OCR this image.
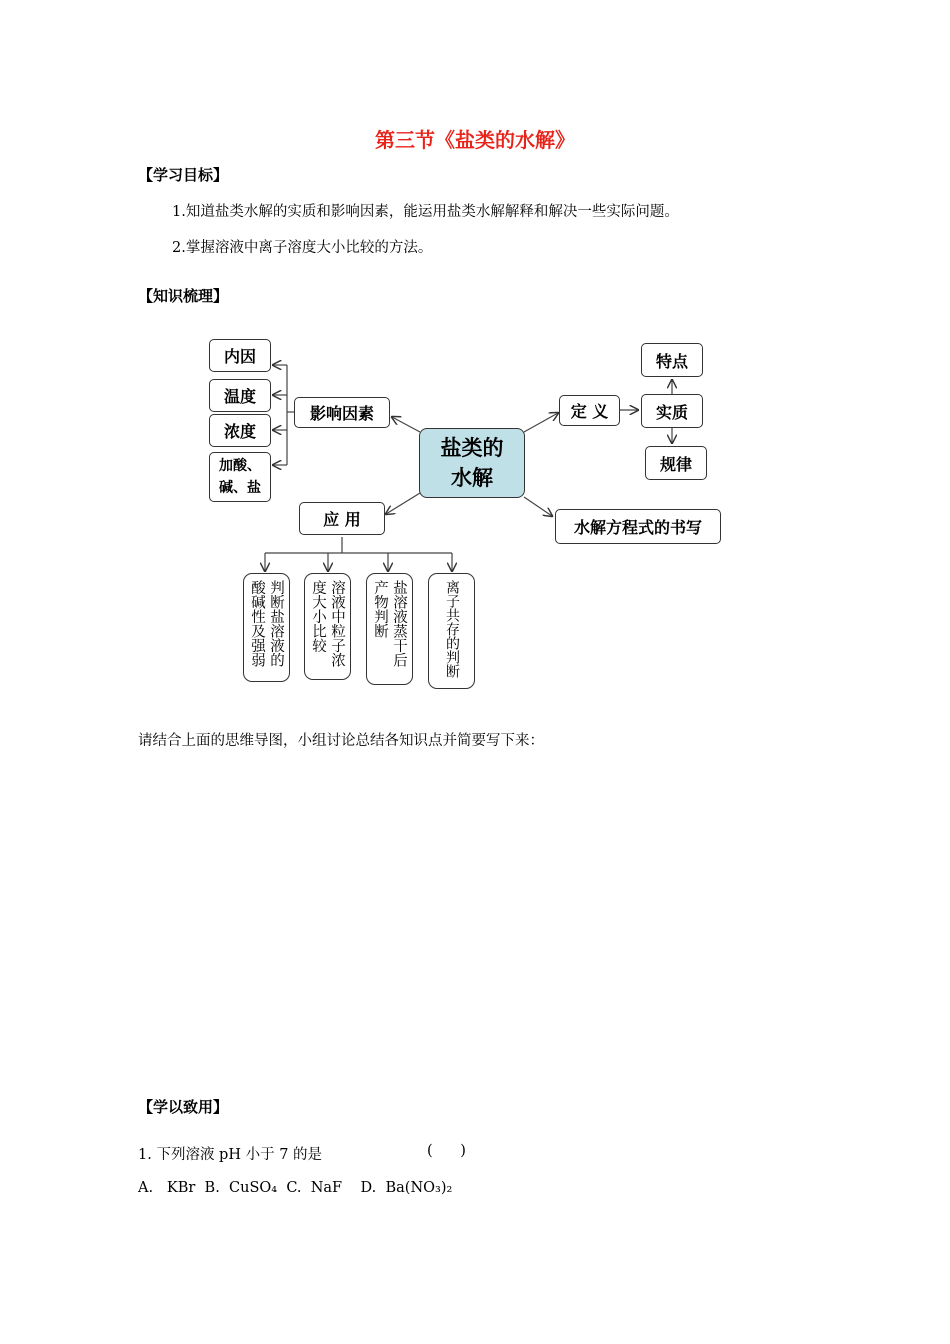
第三节《盐类的水解》
【学习目标】
1.知道盐类水解的实质和影响因素，能运用盐类水解解释和解决一些实际问题。
2.掌握溶液中离子溶度大小比较的方法。
【知识梳理】
内因
温度
浓度
加酸、
碱、盐
影响因素
盐类的
水解
定 义
特点
实质
规律
水解方程式的书写
应 用
判断盐溶液的
酸碱性及强弱	溶液中粒子浓
度大小比较	盐溶液蒸干后
产物判断	离子共存的判断
请结合上面的思维导图，小组讨论总结各知识点并简要写下来：
【学以致用】
1. 下列溶液 pH 小于 7 的是	(      )
A.   KBr  B.  CuSO₄  C.  NaF    D.  Ba(NO₃)₂
